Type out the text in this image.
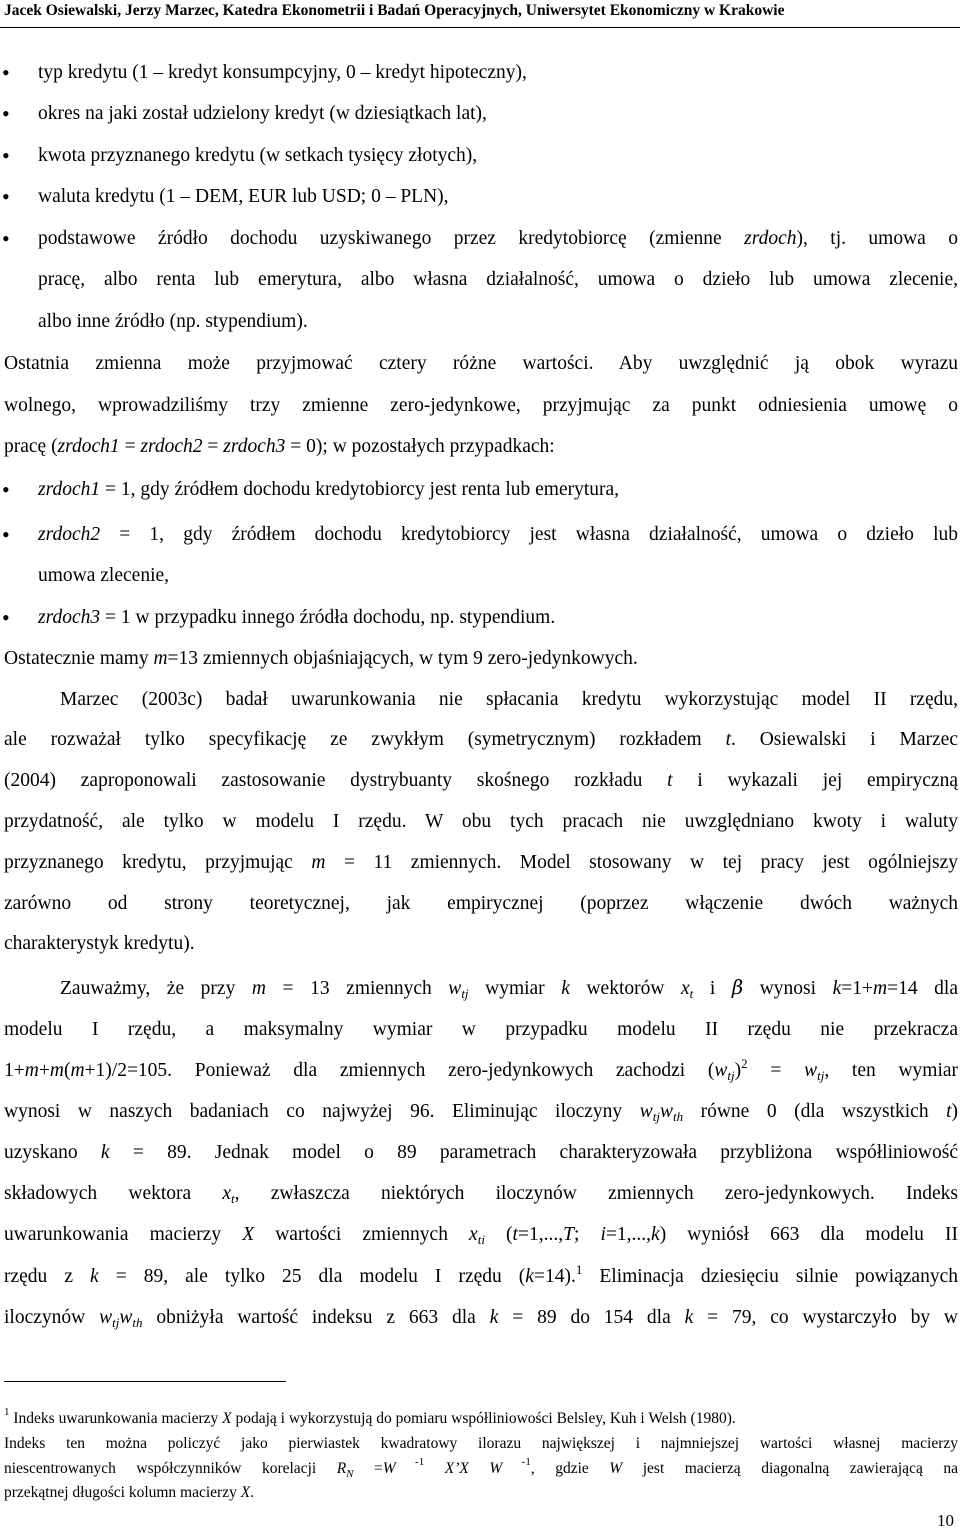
Jacek Osiewalski, Jerzy Marzec, Katedra Ekonometrii i Badań Operacyjnych, Uniwersytet Ekonomiczny w Krakowie
• typ kredytu (1 – kredyt konsumpcyjny, 0 – kredyt hipoteczny),
• okres na jaki został udzielony kredyt (w dziesiątkach lat),
• kwota przyznanego kredytu (w setkach tysięcy złotych),
• waluta kredytu (1 – DEM, EUR lub USD; 0 – PLN),
• podstawowe źródło dochodu uzyskiwanego przez kredytobiorcę (zmienne zrdoch), tj. umowa o
pracę, albo renta lub emerytura, albo własna działalność, umowa o dzieło lub umowa zlecenie,
albo inne źródło (np. stypendium).
Ostatnia zmienna może przyjmować cztery różne wartości. Aby uwzględnić ją obok wyrazu
wolnego, wprowadziliśmy trzy zmienne zero-jedynkowe, przyjmując za punkt odniesienia umowę o
pracę (zrdoch1 = zrdoch2 = zrdoch3 = 0); w pozostałych przypadkach:
• zrdoch1 = 1, gdy źródłem dochodu kredytobiorcy jest renta lub emerytura,
• zrdoch2 = 1, gdy źródłem dochodu kredytobiorcy jest własna działalność, umowa o dzieło lub
umowa zlecenie,
• zrdoch3 = 1 w przypadku innego źródła dochodu, np. stypendium.
Ostatecznie mamy m=13 zmiennych objaśniających, w tym 9 zero-jedynkowych.
Marzec (2003c) badał uwarunkowania nie spłacania kredytu wykorzystując model II rzędu,
ale rozważał tylko specyfikację ze zwykłym (symetrycznym) rozkładem t. Osiewalski i Marzec
(2004) zaproponowali zastosowanie dystrybuanty skośnego rozkładu t i wykazali jej empiryczną
przydatność, ale tylko w modelu I rzędu. W obu tych pracach nie uwzględniano kwoty i waluty
przyznanego kredytu, przyjmując m = 11 zmiennych. Model stosowany w tej pracy jest ogólniejszy
zarówno od strony teoretycznej, jak empirycznej (poprzez włączenie dwóch ważnych
charakterystyk kredytu).
Zauważmy, że przy m = 13 zmiennych $w_{tj}$ wymiar k wektorów $x_t$ i β wynosi k=1+m=14 dla
modelu I rzędu, a maksymalny wymiar w przypadku modelu II rzędu nie przekracza
1+m+m(m+1)/2=105. Ponieważ dla zmiennych zero-jedynkowych zachodzi $(w_{tj})^2 = w_{tj}$, ten wymiar
wynosi w naszych badaniach co najwyżej 96. Eliminując iloczyny $w_{tj}w_{th}$ równe 0 (dla wszystkich t)
uzyskano k = 89. Jednak model o 89 parametrach charakteryzowała przybliżona współliniowość
składowych wektora $x_t$, zwłaszcza niektórych iloczynów zmiennych zero-jedynkowych. Indeks
uwarunkowania macierzy X wartości zmiennych $x_{ti}$ (t=1,...,T; i=1,...,k) wyniósł 663 dla modelu II
rzędu z k = 89, ale tylko 25 dla modelu I rzędu (k=14).$^1$ Eliminacja dziesięciu silnie powiązanych
iloczynów $w_{tj}w_{th}$ obniżyła wartość indeksu z 663 dla k = 89 do 154 dla k = 79, co wystarczyło by w
$^1$ Indeks uwarunkowania macierzy X podają i wykorzystują do pomiaru współliniowości Belsley, Kuh i Welsh (1980).
Indeks ten można policzyć jako pierwiastek kwadratowy ilorazu największej i najmniejszej wartości własnej macierzy
niescentrowanych współczynników korelacji $R_N =W$ $^{-1}$ X’X W $^{-1}$, gdzie W jest macierzą diagonalną zawierającą na
przekątnej długości kolumn macierzy X.
10
